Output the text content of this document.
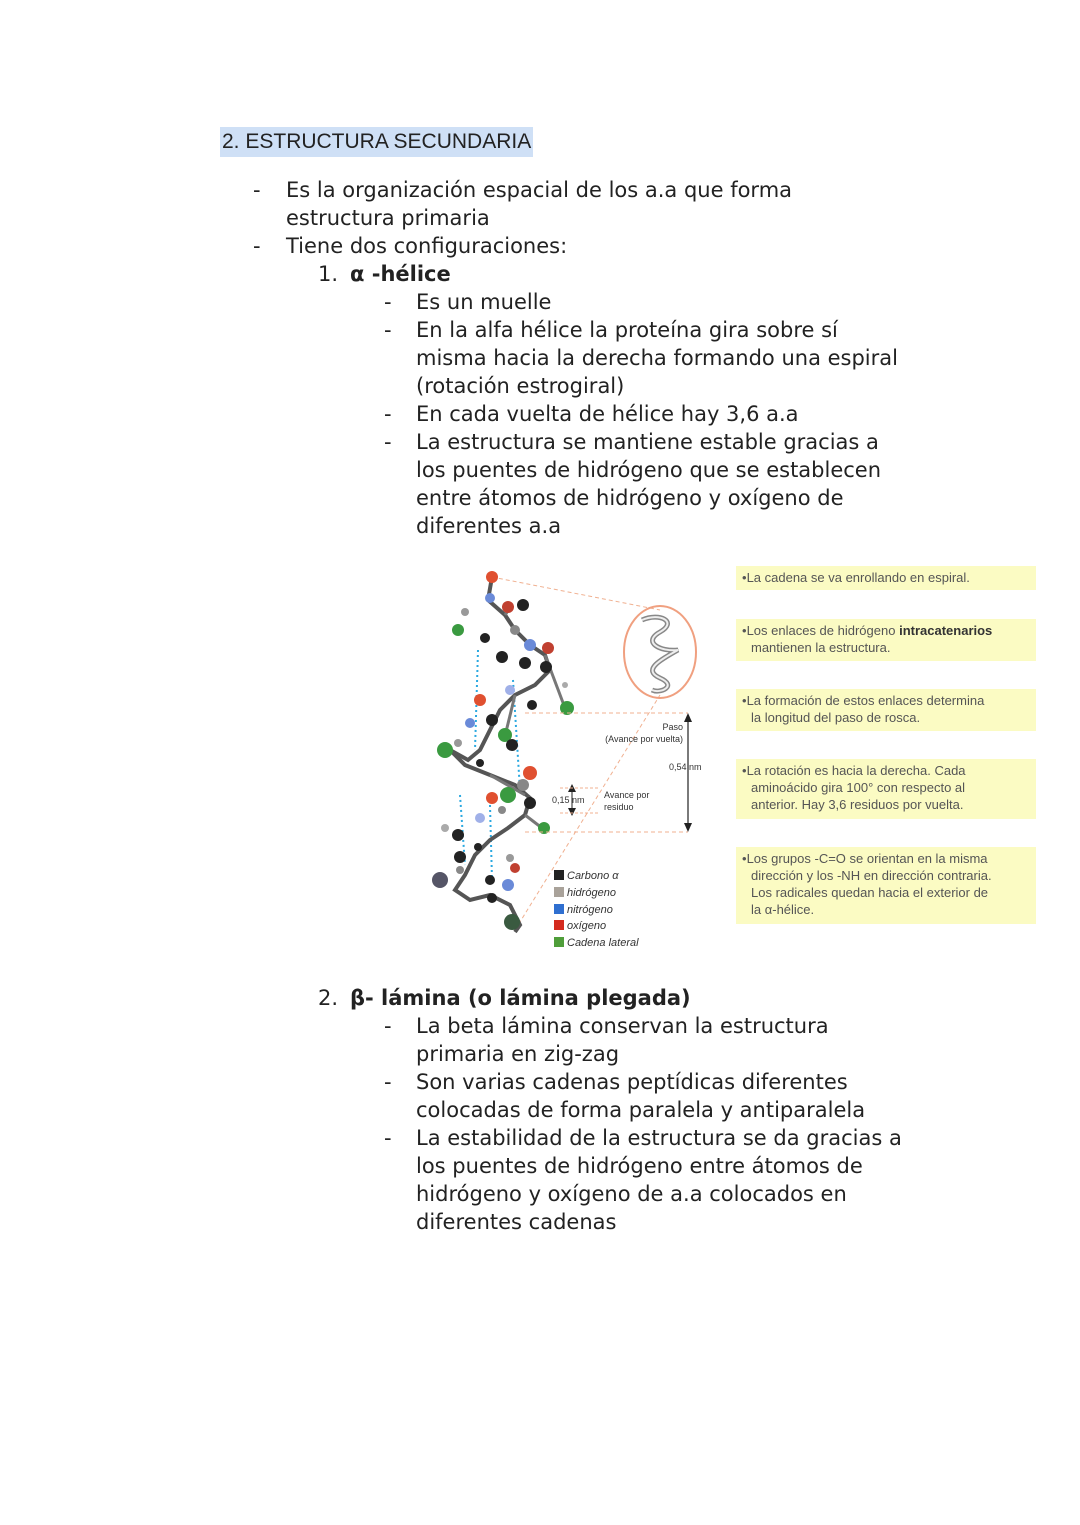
2. ESTRUCTURA SECUNDARIA
- Es la organización espacial de los a.a que forma
estructura primaria
- Tiene dos configuraciones:
1. α -hélice
- Es un muelle
- En la alfa hélice la proteína gira sobre sí
misma hacia la derecha formando una espiral
(rotación estrogiral)
- En cada vuelta de hélice hay 3,6 a.a
- La estructura se mantiene estable gracias a
los puentes de hidrógeno que se establecen
entre átomos de hidrógeno y oxígeno de
diferentes a.a
Paso
(Avance por vuelta)
0,54 nm
0,15 nm Avance por
residuo
Carbono α
hidrógeno
nitrógeno
oxígeno
Cadena lateral
•La cadena se va enrollando en espiral.
•Los enlaces de hidrógeno intracatenarios
mantienen la estructura.
•La formación de estos enlaces determina
la longitud del paso de rosca.
•La rotación es hacia la derecha. Cada
aminoácido gira 100° con respecto al
anterior. Hay 3,6 residuos por vuelta.
•Los grupos -C=O se orientan en la misma
dirección y los -NH en dirección contraria.
Los radicales quedan hacia el exterior de
la α-hélice.
2. β- lámina (o lámina plegada)
- La beta lámina conservan la estructura
primaria en zig-zag
- Son varias cadenas peptídicas diferentes
colocadas de forma paralela y antiparalela
- La estabilidad de la estructura se da gracias a
los puentes de hidrógeno entre átomos de
hidrógeno y oxígeno de a.a colocados en
diferentes cadenas
